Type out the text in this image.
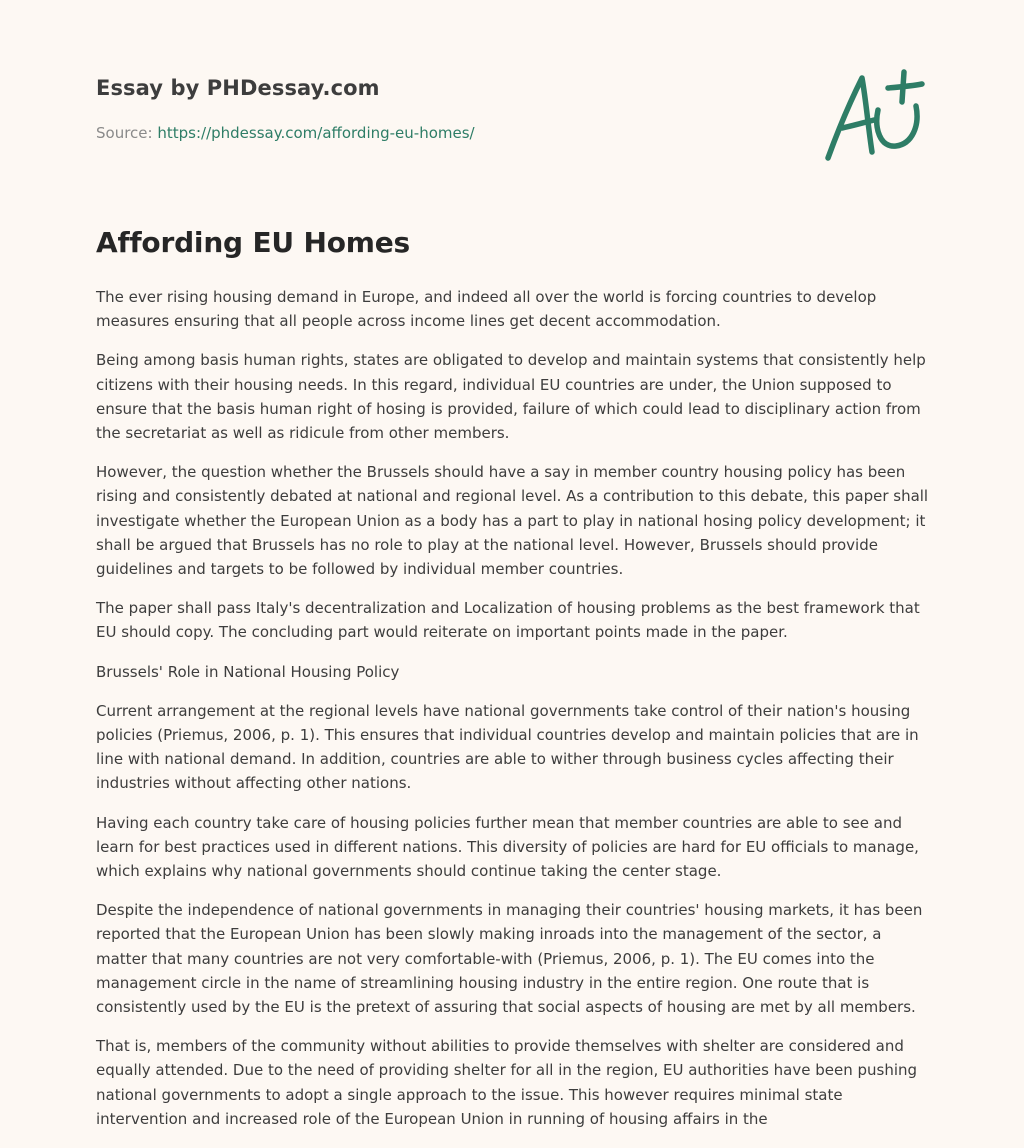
Essay by PHDessay.com
Source: https://phdessay.com/affording-eu-homes/
Affording EU Homes

The ever rising housing demand in Europe, and indeed all over the world is forcing countries to develop measures ensuring that all people across income lines get decent accommodation.

Being among basis human rights, states are obligated to develop and maintain systems that consistently help citizens with their housing needs. In this regard, individual EU countries are under, the Union supposed to ensure that the basis human right of hosing is provided, failure of which could lead to disciplinary action from the secretariat as well as ridicule from other members.

However, the question whether the Brussels should have a say in member country housing policy has been rising and consistently debated at national and regional level. As a contribution to this debate, this paper shall investigate whether the European Union as a body has a part to play in national hosing policy development; it shall be argued that Brussels has no role to play at the national level. However, Brussels should provide guidelines and targets to be followed by individual member countries.

The paper shall pass Italy's decentralization and Localization of housing problems as the best framework that EU should copy. The concluding part would reiterate on important points made in the paper.

Brussels' Role in National Housing Policy

Current arrangement at the regional levels have national governments take control of their nation's housing policies (Priemus, 2006, p. 1). This ensures that individual countries develop and maintain policies that are in line with national demand. In addition, countries are able to wither through business cycles affecting their industries without affecting other nations.

Having each country take care of housing policies further mean that member countries are able to see and learn for best practices used in different nations. This diversity of policies are hard for EU officials to manage, which explains why national governments should continue taking the center stage.

Despite the independence of national governments in managing their countries' housing markets, it has been reported that the European Union has been slowly making inroads into the management of the sector, a matter that many countries are not very comfortable-with (Priemus, 2006, p. 1). The EU comes into the management circle in the name of streamlining housing industry in the entire region. One route that is consistently used by the EU is the pretext of assuring that social aspects of housing are met by all members.

That is, members of the community without abilities to provide themselves with shelter are considered and equally attended. Due to the need of providing shelter for all in the region, EU authorities have been pushing national governments to adopt a single approach to the issue. This however requires minimal state intervention and increased role of the European Union in running of housing affairs in the
